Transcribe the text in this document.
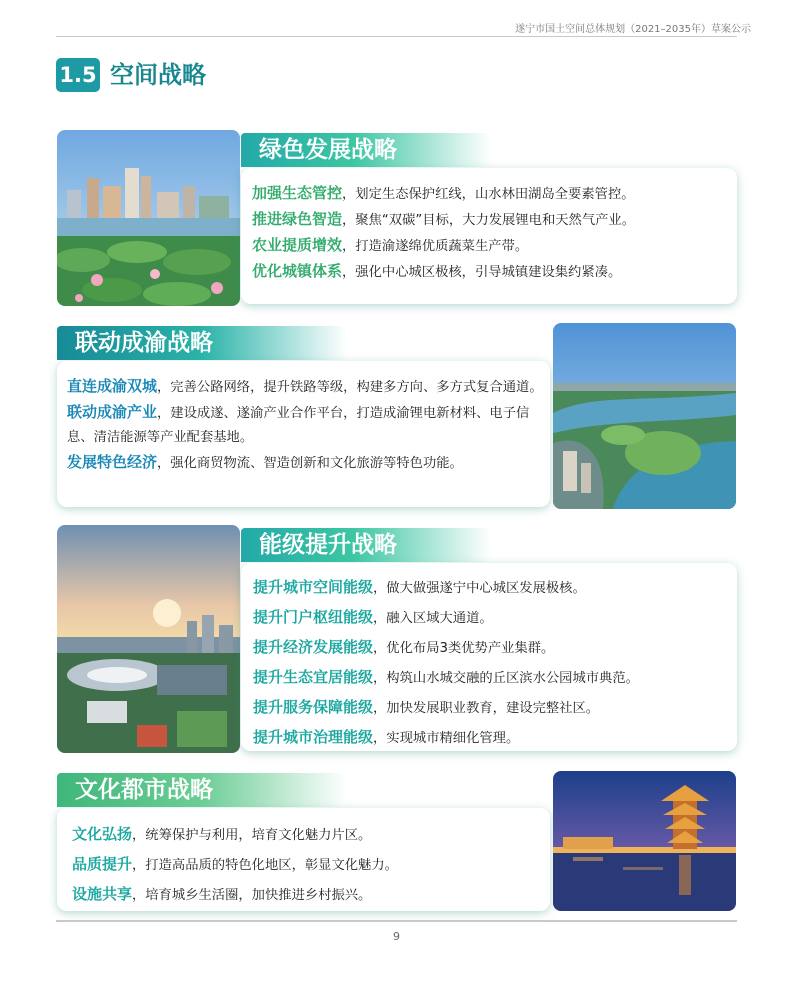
遂宁市国土空间总体规划（2021–2035年）草案公示
1.5 空间战略
绿色发展战略
加强生态管控，划定生态保护红线，山水林田湖岛全要素管控。
推进绿色智造，聚焦“双碳”目标，大力发展锂电和天然气产业。
农业提质增效，打造渝遂绵优质蔬菜生产带。
优化城镇体系，强化中心城区极核，引导城镇建设集约紧凑。
联动成渝战略
直连成渝双城，完善公路网络，提升铁路等级，构建多方向、多方式复合通道。
联动成渝产业，建设成遂、遂渝产业合作平台，打造成渝锂电新材料、电子信息、清洁能源等产业配套基地。
发展特色经济，强化商贸物流、智造创新和文化旅游等特色功能。
能级提升战略
提升城市空间能级，做大做强遂宁中心城区发展极核。
提升门户枢纽能级，融入区域大通道。
提升经济发展能级，优化布局3类优势产业集群。
提升生态宜居能级，构筑山水城交融的丘区滨水公园城市典范。
提升服务保障能级，加快发展职业教育，建设完整社区。
提升城市治理能级，实现城市精细化管理。
文化都市战略
文化弘扬，统筹保护与利用，培育文化魅力片区。
品质提升，打造高品质的特色化地区，彰显文化魅力。
设施共享，培育城乡生活圈，加快推进乡村振兴。
9
